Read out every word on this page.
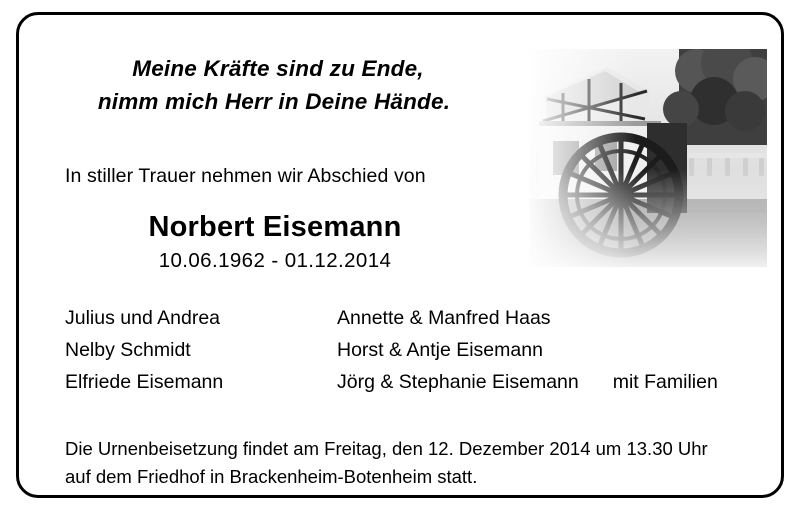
Meine Kräfte sind zu Ende,
nimm mich Herr in Deine Hände.
In stiller Trauer nehmen wir Abschied von
Norbert Eisemann
10.06.1962 - 01.12.2014
Julius und Andrea	Annette & Manfred Haas
Nelby Schmidt	Horst & Antje Eisemann
Elfriede Eisemann	Jörg & Stephanie Eisemann mit Familien
Die Urnenbeisetzung findet am Freitag, den 12. Dezember 2014 um 13.30 Uhr
auf dem Friedhof in Brackenheim-Botenheim statt.
